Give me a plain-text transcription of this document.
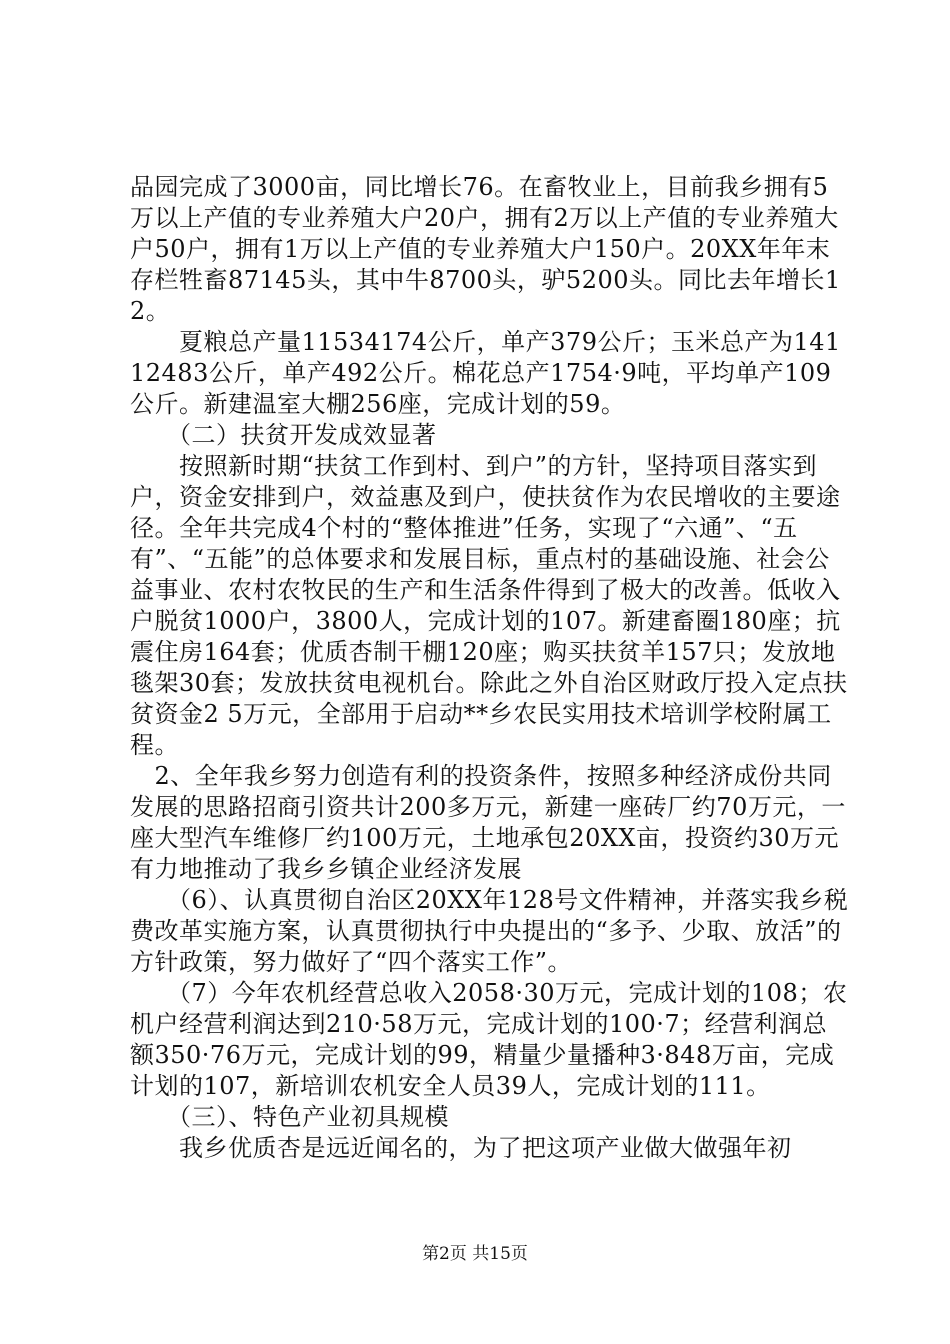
品园完成了3000亩，同比增长76。在畜牧业上，目前我乡拥有5万以上产值的专业养殖大户20户，拥有2万以上产值的专业养殖大户50户，拥有1万以上产值的专业养殖大户150户。20XX年年末存栏牲畜87145头，其中牛8700头，驴5200头。同比去年增长12。

　　夏粮总产量11534174公斤，单产379公斤；玉米总产为14112483公斤，单产492公斤。棉花总产1754·9吨，平均单产109公斤。新建温室大棚256座，完成计划的59。

　　（二）扶贫开发成效显著

　　按照新时期“扶贫工作到村、到户”的方针，坚持项目落实到户，资金安排到户，效益惠及到户，使扶贫作为农民增收的主要途径。全年共完成4个村的“整体推进”任务，实现了“六通”、“五有”、“五能”的总体要求和发展目标，重点村的基础设施、社会公益事业、农村农牧民的生产和生活条件得到了极大的改善。低收入户脱贫1000户，3800人，完成计划的107。新建畜圈180座；抗震住房164套；优质杏制干棚120座；购买扶贫羊157只；发放地毯架30套；发放扶贫电视机台。除此之外自治区财政厅投入定点扶贫资金2 5万元，全部用于启动**乡农民实用技术培训学校附属工程。

　2、全年我乡努力创造有利的投资条件，按照多种经济成份共同发展的思路招商引资共计200多万元，新建一座砖厂约70万元，一座大型汽车维修厂约100万元，土地承包20XX亩，投资约30万元有力地推动了我乡乡镇企业经济发展

　　（6）、认真贯彻自治区20XX年128号文件精神，并落实我乡税费改革实施方案，认真贯彻执行中央提出的“多予、少取、放活”的方针政策，努力做好了“四个落实工作”。

　　（7）今年农机经营总收入2058·30万元，完成计划的108；农机户经营利润达到210·58万元，完成计划的100·7；经营利润总额350·76万元，完成计划的99，精量少量播种3·848万亩，完成计划的107，新培训农机安全人员39人，完成计划的111。

　　（三）、特色产业初具规模

　　我乡优质杏是远近闻名的，为了把这项产业做大做强年初

第2页 共15页
